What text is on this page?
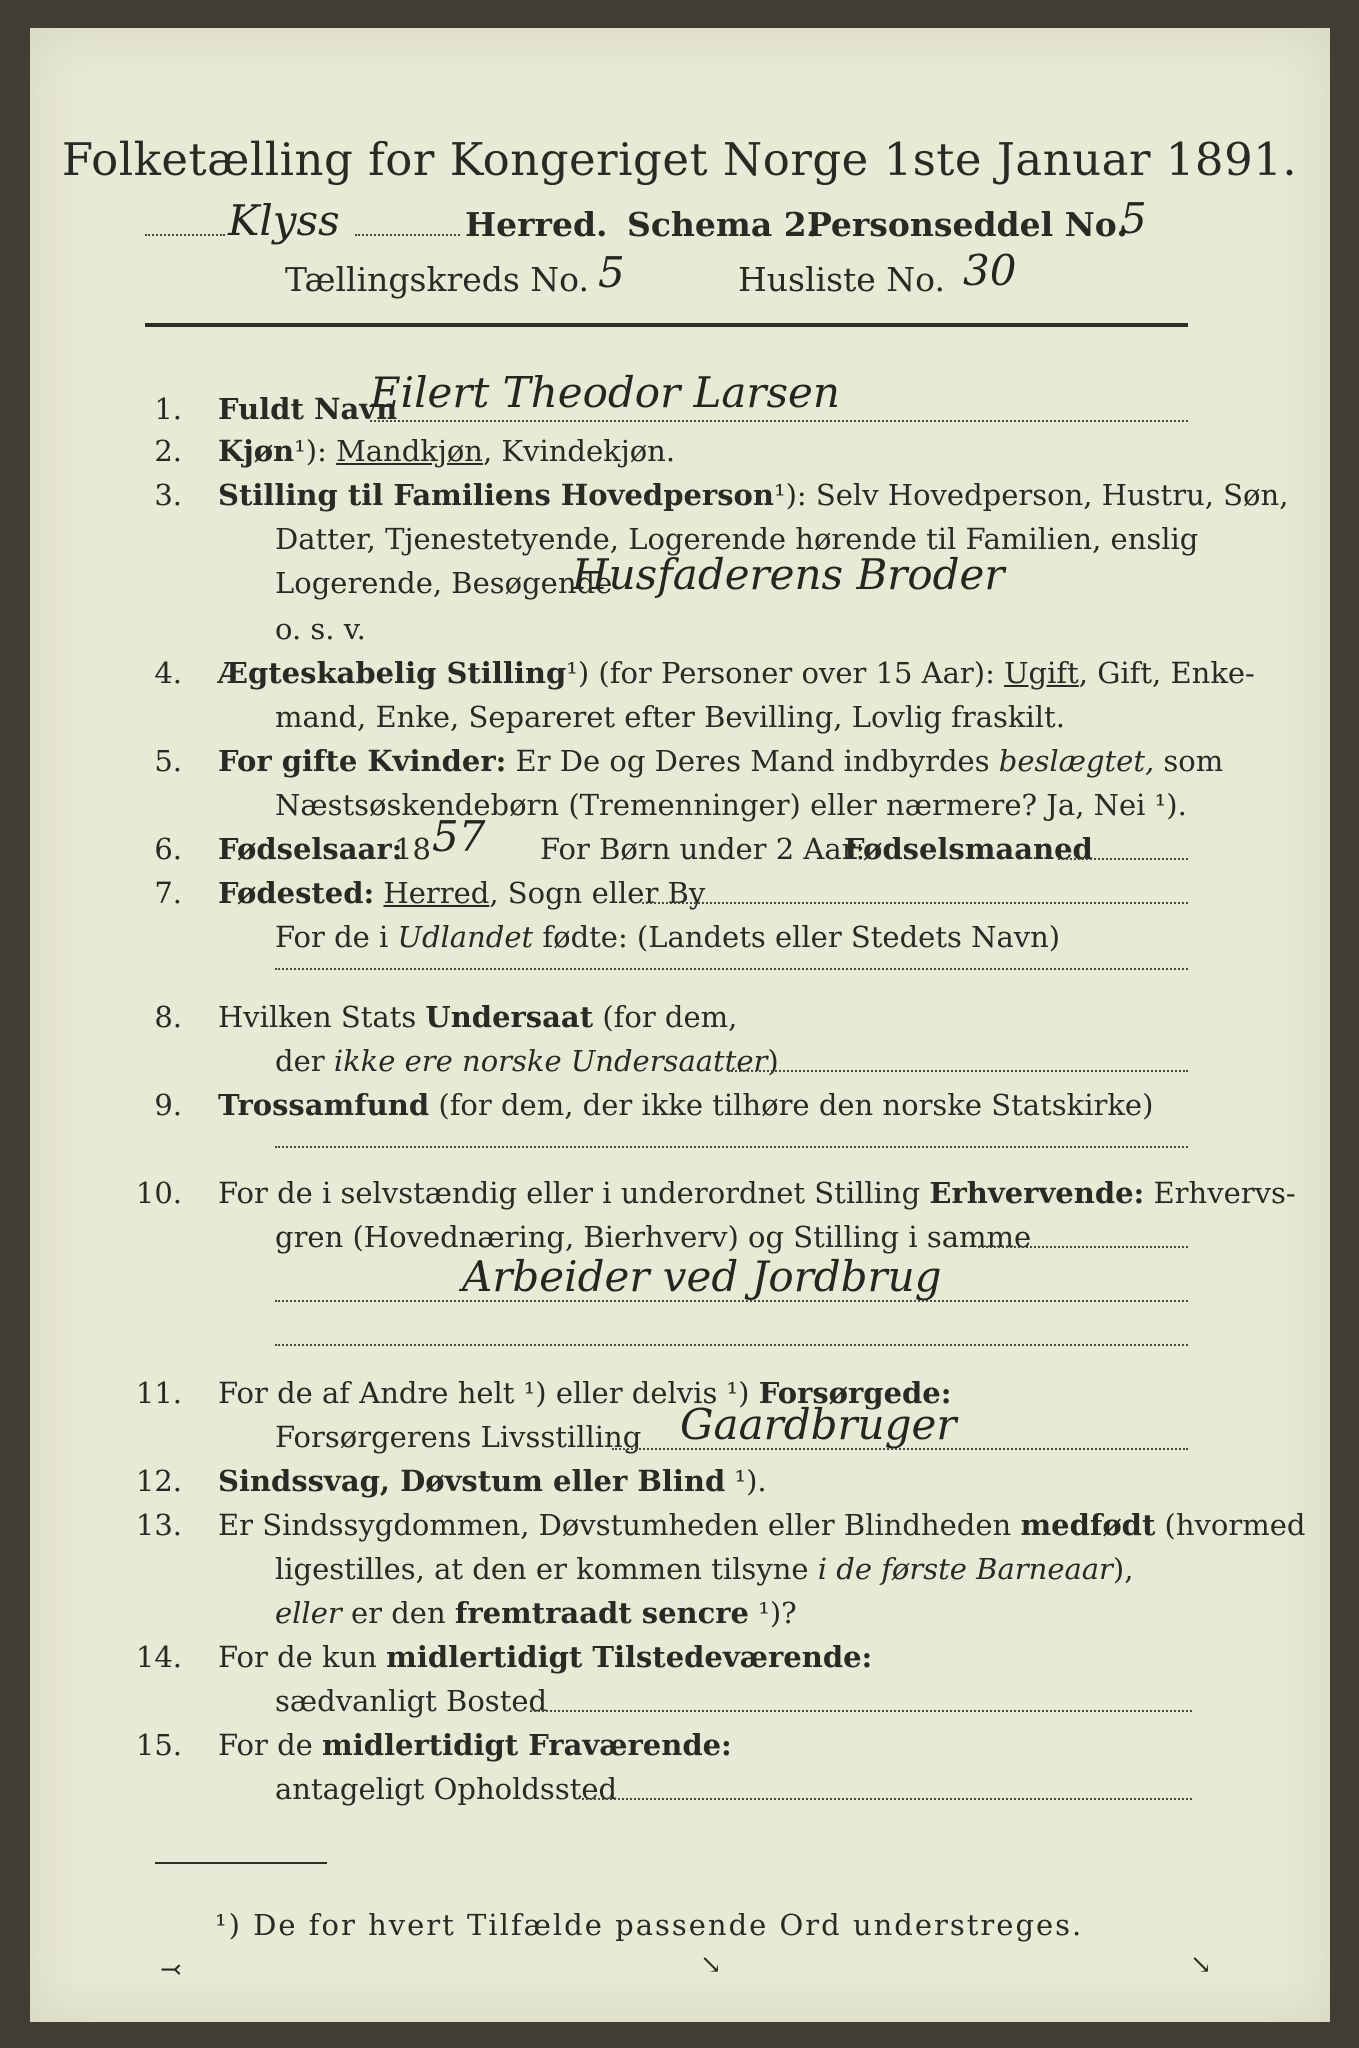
Folketælling for Kongeriget Norge 1ste Januar 1891.
Klyss	Herred. Schema 2.
Personseddel No.
5
Tællingskreds No. 5	Husliste No. 30
1. Fuldt Navn
Eilert Theodor Larsen
2. Kjøn¹): Mandkjøn, Kvindekjøn.
3. Stilling til Familiens Hovedperson¹): Selv Hovedperson, Hustru, Søn,
Datter, Tjenestetyende, Logerende hørende til Familien, enslig
Logerende, Besøgende
Husfaderens Broder
o. s. v.
4. Ægteskabelig Stilling¹) (for Personer over 15 Aar): Ugift, Gift, Enke-
mand, Enke, Separeret efter Bevilling, Lovlig fraskilt.
5. For gifte Kvinder: Er De og Deres Mand indbyrdes beslægtet, som
Næstsøskendebørn (Tremenninger) eller nærmere? Ja, Nei ¹).
6. Fødselsaar:
18 57 For Børn under 2 Aar:
Fødselsmaaned
7. Fødested: Herred, Sogn eller By
For de i Udlandet fødte: (Landets eller Stedets Navn)
8. Hvilken Stats Undersaat (for dem,
der ikke ere norske Undersaatter)
9. Trossamfund (for dem, der ikke tilhøre den norske Statskirke)
10. For de i selvstændig eller i underordnet Stilling Erhvervende: Erhvervs-
gren (Hovednæring, Bierhverv) og Stilling i samme
Arbeider ved Jordbrug
11. For de af Andre helt ¹) eller delvis ¹) Forsørgede:
Forsørgerens Livsstilling Gaardbruger
12. Sindssvag, Døvstum eller Blind ¹).
13. Er Sindssygdommen, Døvstumheden eller Blindheden medfødt (hvormed
ligestilles, at den er kommen tilsyne i de første Barneaar),
eller er den fremtraadt sencre ¹)?
14. For de kun midlertidigt Tilstedeværende:
sædvanligt Bosted
15. For de midlertidigt Fraværende:
antageligt Opholdssted
¹) De for hvert Tilfælde passende Ord understreges.
⤙	↘	↘
